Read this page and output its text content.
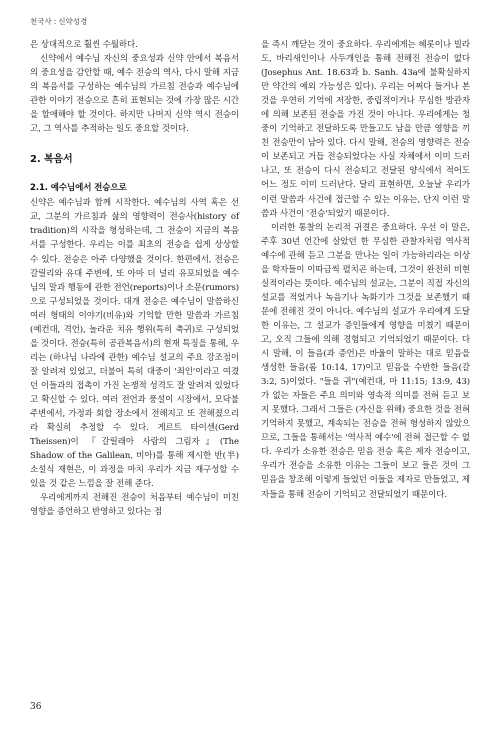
천국사 : 신약성경

은 상대적으로 훨씬 수월하다.

신약에서 예수님 자신의 중요성과 신약 안에서 복음서의 중요성을 감안할 때, 예수 전승의 역사, 다시 말해 지금의 복음서를 구성하는 예수님의 가르침 전승과 예수님에 관한 이야기 전승으로 흔히 표현되는 것에 가장 많은 시간을 할애해야 할 것이다. 하지만 나머지 신약 역시 전승이고, 그 역사를 추적하는 일도 중요할 것이다.

2. 복음서
2.1. 예수님에서 전승으로

신약은 예수님과 함께 시작한다. 예수님의 사역 혹은 선교, 그분의 가르침과 삶의 영향력이 전승사(history of tradition)의 시작을 형성하는데, 그 전승이 지금의 복음서를 구성한다. 우리는 이를 최초의 전승을 쉽게 상상할 수 있다. 전승은 아주 다양했을 것이다. 한편에서, 전승은 갈릴리와 유대 주변에, 또 아마 더 널리 유포되었을 예수님의 말과 행동에 관한 전언(reports)이나 소문(rumors)으로 구성되었을 것이다. 대개 전승은 예수님이 말씀하신 여러 형태의 이야기(비유)와 기억할 만한 말씀과 가르침(예컨대, 격언), 놀라운 치유 행위(특히 축귀)로 구성되었을 것이다. 전승(특히 공관복음서)의 현재 특징을 통해, 우리는 (하나님 나라에 관한) 예수님 설교의 주요 강조점이 잘 알려져 있었고, 더불어 특히 대중이 '죄인'이라고 여겼던 이들과의 접촉이 가진 논쟁적 성격도 잘 알려져 있었다고 확신할 수 있다. 여러 전언과 풍설이 시장에서, 모닥불 주변에서, 가정과 회합 장소에서 전해지고 또 전해졌으리라 확실히 추정할 수 있다. 게르트 타이센(Gerd Theissen)이 『갈릴래아 사람의 그림자』(The Shadow of the Galilean, 비아)를 통해 제시한 반(半)소설식 재현은, 이 과정을 마치 우리가 지금 재구성할 수 있을 것 같은 느낌을 잘 전해 준다.

우리에게까지 전해진 전승이 처음부터 예수님이 미친 영향을 증언하고 반영하고 있다는 점

을 즉시 깨닫는 것이 중요하다. 우리에게는 헤롯이나 빌라도, 바리새인이나 사두개인을 통해 전해진 전승이 없다(Josephus Ant. 18.63과 b. Sanh. 43a에 불확실하지만 약간의 예외 가능성은 있다). 우리는 어쩌다 들거나 본 것을 우연히 기억에 저장한, 중립적이거나 무심한 방관자에 의해 보존된 전승을 가진 것이 아니다. 우리에게는 청중이 기억하고 전달하도록 만들고도 남을 만큼 영향을 끼친 전승만이 남아 있다. 다시 말해, 전승의 영향력은 전승이 보존되고 거듭 전승되었다는 사실 자체에서 이미 드러나고, 또 전승이 다시 전승되고 전달된 양식에서 적어도 어느 정도 이미 드러난다. 달리 표현하면, 오늘날 우리가 이런 말씀과 사건에 접근할 수 있는 이유는, 단지 이런 말씀과 사건이 '전승'되었기 때문이다.

이러한 통찰의 논리적 귀결은 중요하다. 우선 이 말은, 주후 30년 언간에 살았던 한 무심한 관찰자처럼 역사적 예수에 관해 듣고 그분을 만나는 일이 가능하리라는 이상을 학자들이 이따금씩 펼치곤 하는데, 그것이 완전히 비현실적이라는 뜻이다. 예수님의 설교는, 그분이 직접 자신의 설교를 적었거나 녹음기나 녹화기가 그것을 보존했기 때문에 전해진 것이 아니다. 예수님의 설교가 우리에게 도달한 이유는, 그 설교가 증인들에게 영향을 미쳤기 때문이고, 오직 그들에 의해 경험되고 기억되었기 때문이다. 다시 말해, 이 들음(과 증언)은 바울이 말하는 대로 믿음을 생성한 들음(롬 10:14, 17)이고 믿음을 수반한 들음(갈 3:2, 5)이었다. "들을 귀"(예컨대, 마 11:15; 13:9, 43)가 없는 자들은 주요 의미와 영속적 의미를 전혀 듣고 보지 못했다. 그래서 그들은 (자신을 위해) 중요한 것을 전혀 기억하지 못했고, 계속되는 전승을 전혀 형성하지 않았으므로, 그들을 통해서는 '역사적 예수'에 전혀 접근할 수 없다. 우리가 소유한 전승은 믿음 전승 혹은 제자 전승이고, 우리가 전승을 소유한 이유는 그들이 보고 들은 것이 그 믿음을 창조해 이렇게 들었던 이들을 제자로 만들었고, 제자들을 통해 전승이 기억되고 전달되었기 때문이다.

36
